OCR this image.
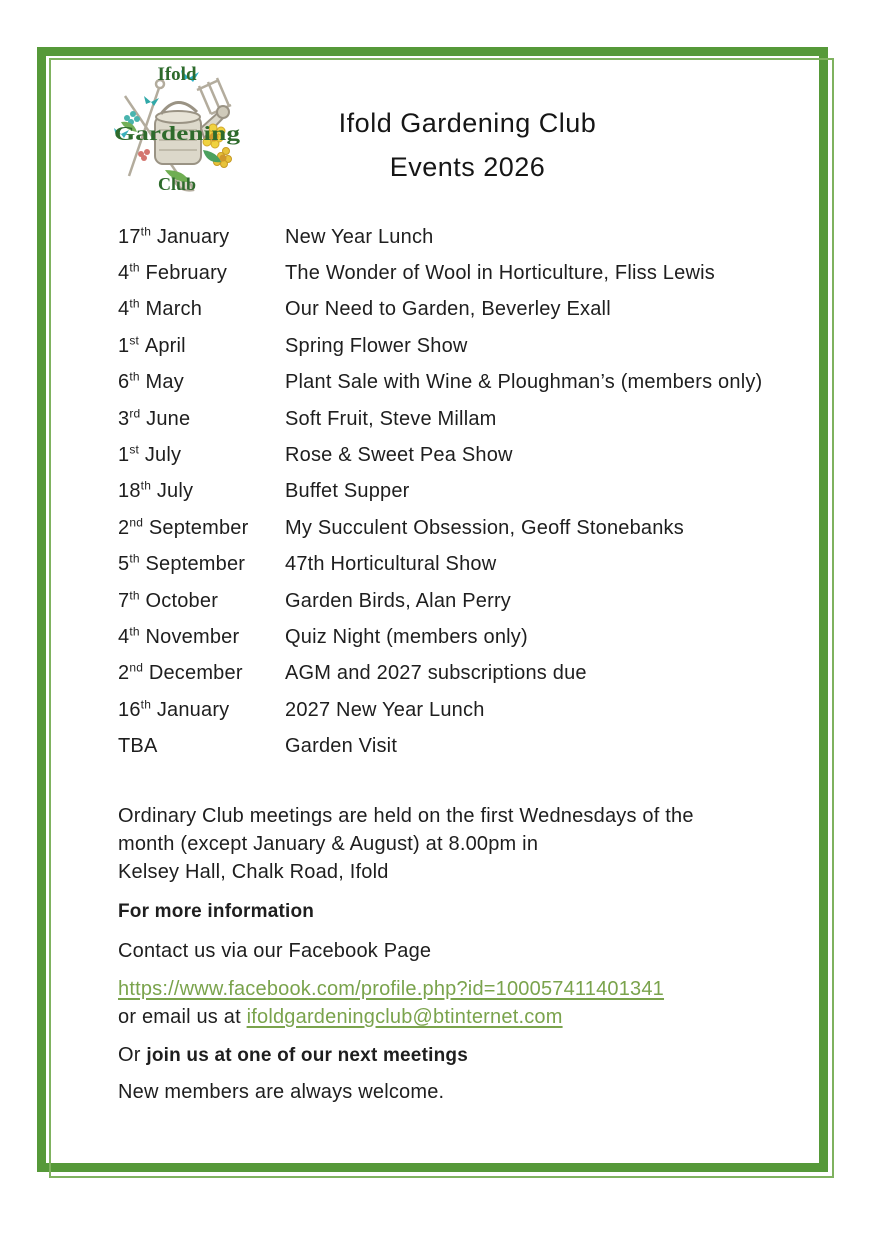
Ifold
Gardening
Club
Ifold Gardening Club
Events 2026
17th January	New Year Lunch
4th February	The Wonder of Wool in Horticulture, Fliss Lewis
4th March	Our Need to Garden, Beverley Exall
1st April	Spring Flower Show
6th May	Plant Sale with Wine & Ploughman’s (members only)
3rd June	Soft Fruit, Steve Millam
1st July	Rose & Sweet Pea Show
18th July	Buffet Supper
2nd September	My Succulent Obsession, Geoff Stonebanks
5th September	47th Horticultural Show
7th October	Garden Birds, Alan Perry
4th November	Quiz Night (members only)
2nd December	AGM and 2027 subscriptions due
16th January	2027 New Year Lunch
TBA	Garden Visit

Ordinary Club meetings are held on the first Wednesdays of the
month (except January & August) at 8.00pm in
Kelsey Hall, Chalk Road, Ifold

For more information

Contact us via our Facebook Page

https://www.facebook.com/profile.php?id=100057411401341
or email us at ifoldgardeningclub@btinternet.com

Or join us at one of our next meetings

New members are always welcome.
